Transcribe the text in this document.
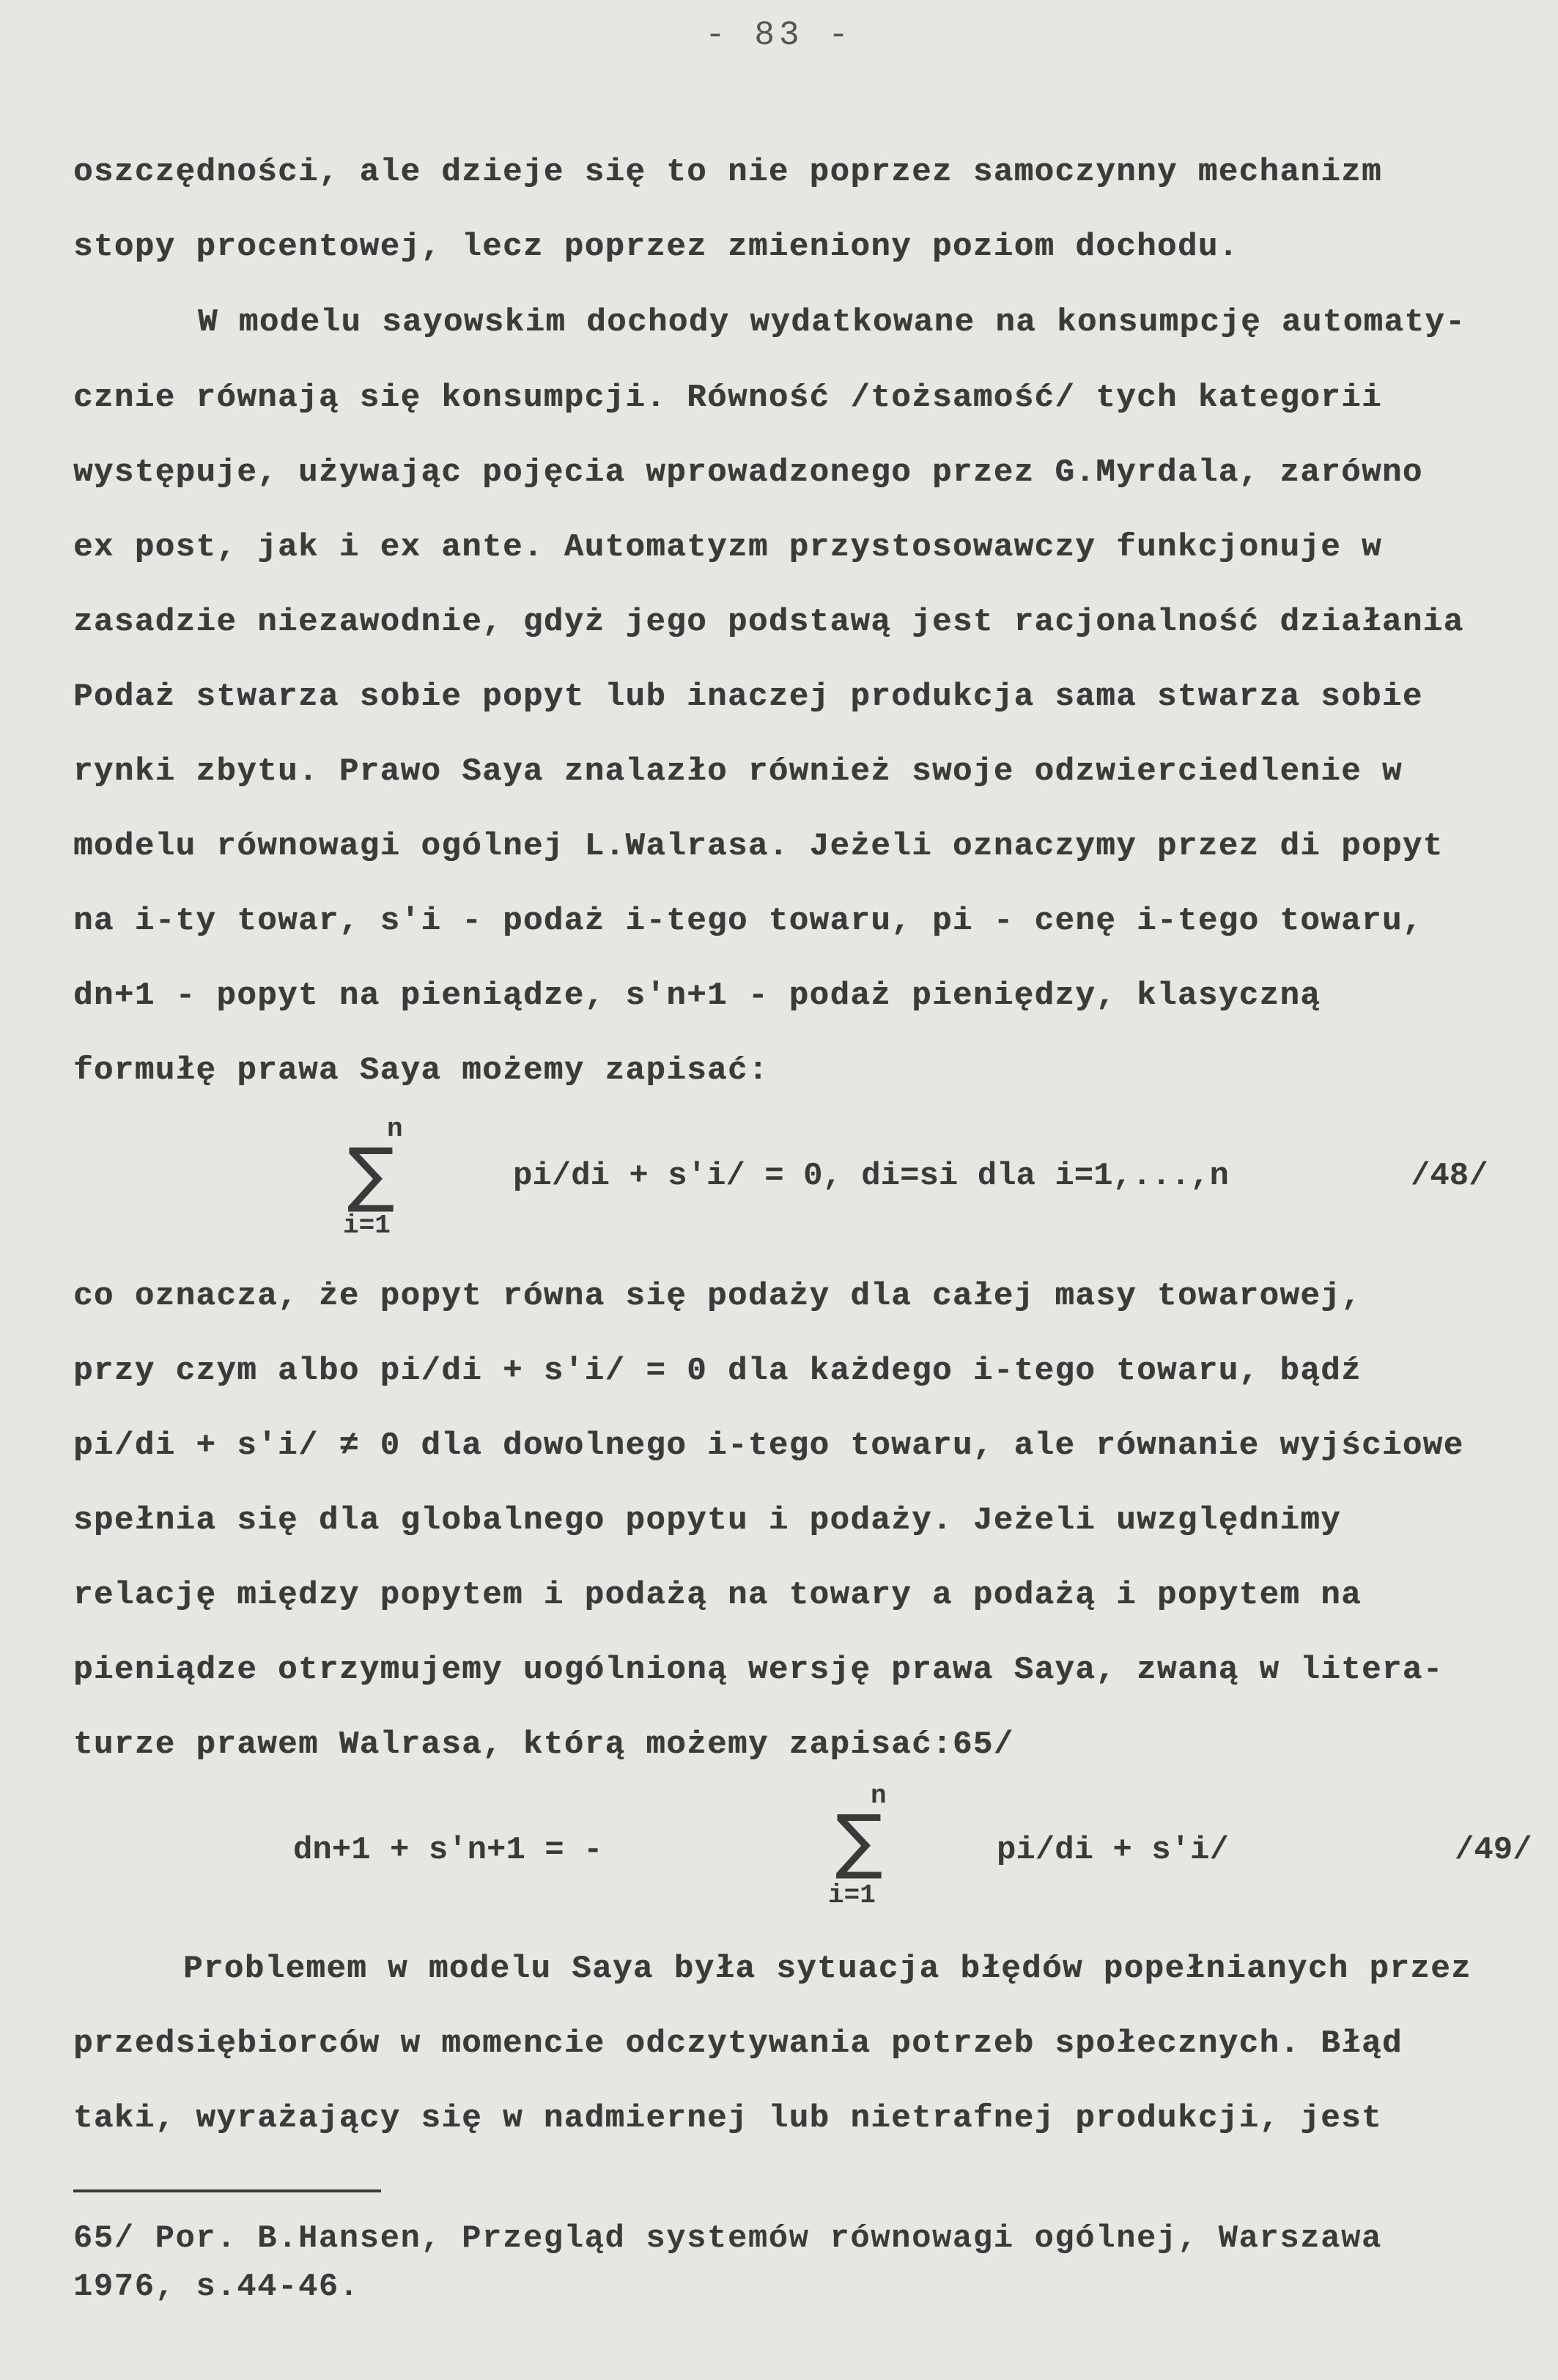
- 83 -
oszczędności, ale dzieje się to nie poprzez samoczynny mechanizm
stopy procentowej, lecz poprzez zmieniony poziom dochodu.
W modelu sayowskim dochody wydatkowane na konsumpcję automaty-
cznie równają się konsumpcji. Równość /tożsamość/ tych kategorii
występuje, używając pojęcia wprowadzonego przez G.Myrdala, zarówno
ex post, jak i ex ante. Automatyzm przystosowawczy funkcjonuje w
zasadzie niezawodnie, gdyż jego podstawą jest racjonalność działania
Podaż stwarza sobie popyt lub inaczej produkcja sama stwarza sobie
rynki zbytu. Prawo Saya znalazło również swoje odzwierciedlenie w
modelu równowagi ogólnej L.Walrasa. Jeżeli oznaczymy przez di popyt
na i-ty towar, s'i - podaż i-tego towaru, pi - cenę i-tego towaru,
dn+1 - popyt na pieniądze, s'n+1 - podaż pieniędzy, klasyczną
formułę prawa Saya możemy zapisać:
n
∑
i=1
pi/di + s'i/ = 0, di=si dla i=1,...,n	/48/
co oznacza, że popyt równa się podaży dla całej masy towarowej,
przy czym albo pi/di + s'i/ = 0 dla każdego i-tego towaru, bądź
pi/di + s'i/ ≠ 0 dla dowolnego i-tego towaru, ale równanie wyjściowe
spełnia się dla globalnego popytu i podaży. Jeżeli uwzględnimy
relację między popytem i podażą na towary a podażą i popytem na
pieniądze otrzymujemy uogólnioną wersję prawa Saya, zwaną w litera-
turze prawem Walrasa, którą możemy zapisać:65/
dn+1 + s'n+1 = -
n
∑
i=1
pi/di + s'i/	/49/
Problemem w modelu Saya była sytuacja błędów popełnianych przez
przedsiębiorców w momencie odczytywania potrzeb społecznych. Błąd
taki, wyrażający się w nadmiernej lub nietrafnej produkcji, jest
65/ Por. B.Hansen, Przegląd systemów równowagi ogólnej, Warszawa
1976, s.44-46.
